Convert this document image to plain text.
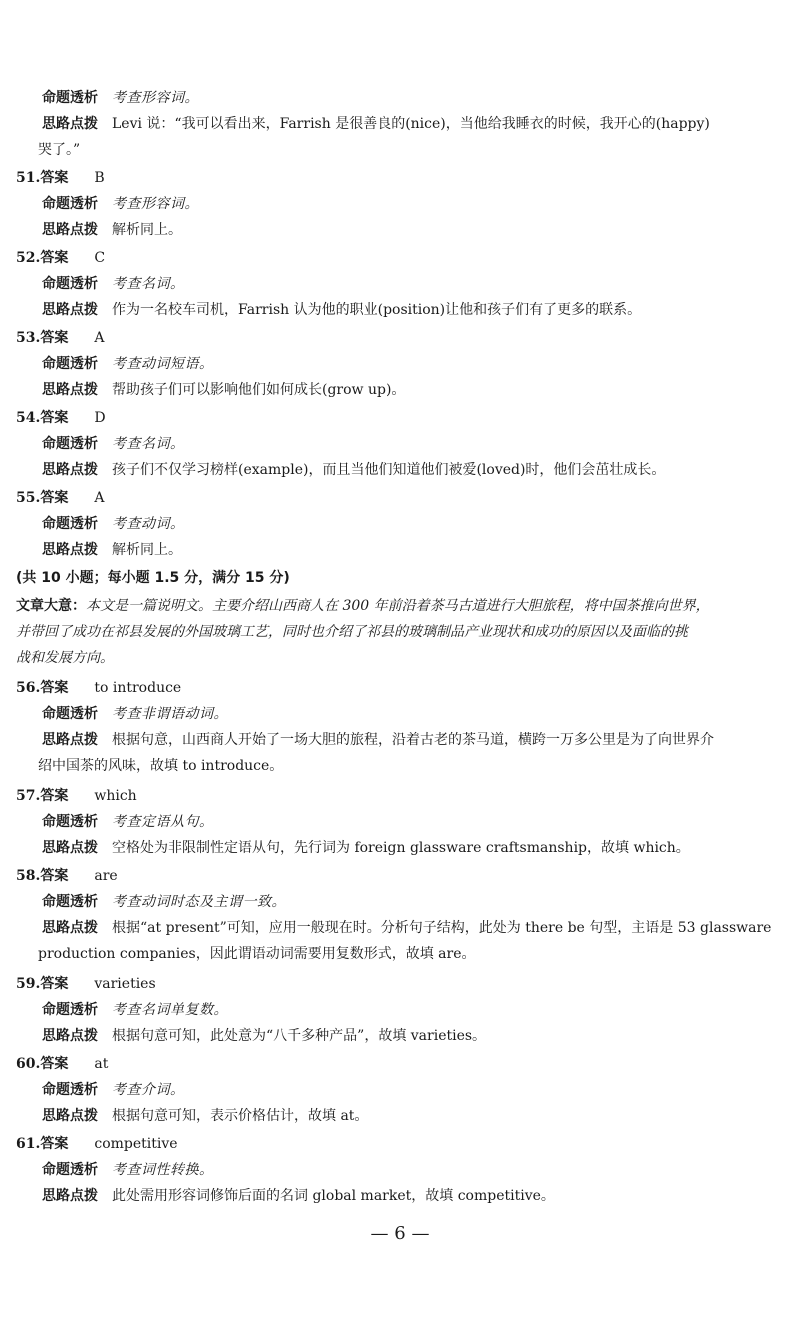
命题透析 考查形容词。
思路点拨 Levi 说：“我可以看出来，Farrish 是很善良的(nice)，当他给我睡衣的时候，我开心的(happy)
哭了。”
51.答案 B
命题透析 考查形容词。
思路点拨 解析同上。
52.答案 C
命题透析 考查名词。
思路点拨 作为一名校车司机，Farrish 认为他的职业(position)让他和孩子们有了更多的联系。
53.答案 A
命题透析 考查动词短语。
思路点拨 帮助孩子们可以影响他们如何成长(grow up)。
54.答案 D
命题透析 考查名词。
思路点拨 孩子们不仅学习榜样(example)，而且当他们知道他们被爱(loved)时，他们会茁壮成长。
55.答案 A
命题透析 考查动词。
思路点拨 解析同上。
(共 10 小题；每小题 1.5 分，满分 15 分)
文章大意：本文是一篇说明文。主要介绍山西商人在 300 年前沿着茶马古道进行大胆旅程，将中国茶推向世界，
并带回了成功在祁县发展的外国玻璃工艺，同时也介绍了祁县的玻璃制品产业现状和成功的原因以及面临的挑
战和发展方向。
56.答案 to introduce
命题透析 考查非谓语动词。
思路点拨 根据句意，山西商人开始了一场大胆的旅程，沿着古老的茶马道，横跨一万多公里是为了向世界介
绍中国茶的风味，故填 to introduce。
57.答案 which
命题透析 考查定语从句。
思路点拨 空格处为非限制性定语从句，先行词为 foreign glassware craftsmanship，故填 which。
58.答案 are
命题透析 考查动词时态及主谓一致。
思路点拨 根据“at present”可知，应用一般现在时。分析句子结构，此处为 there be 句型，主语是 53 glassware
production companies，因此谓语动词需要用复数形式，故填 are。
59.答案 varieties
命题透析 考查名词单复数。
思路点拨 根据句意可知，此处意为“八千多种产品”，故填 varieties。
60.答案 at
命题透析 考查介词。
思路点拨 根据句意可知，表示价格估计，故填 at。
61.答案 competitive
命题透析 考查词性转换。
思路点拨 此处需用形容词修饰后面的名词 global market，故填 competitive。
— 6 —
